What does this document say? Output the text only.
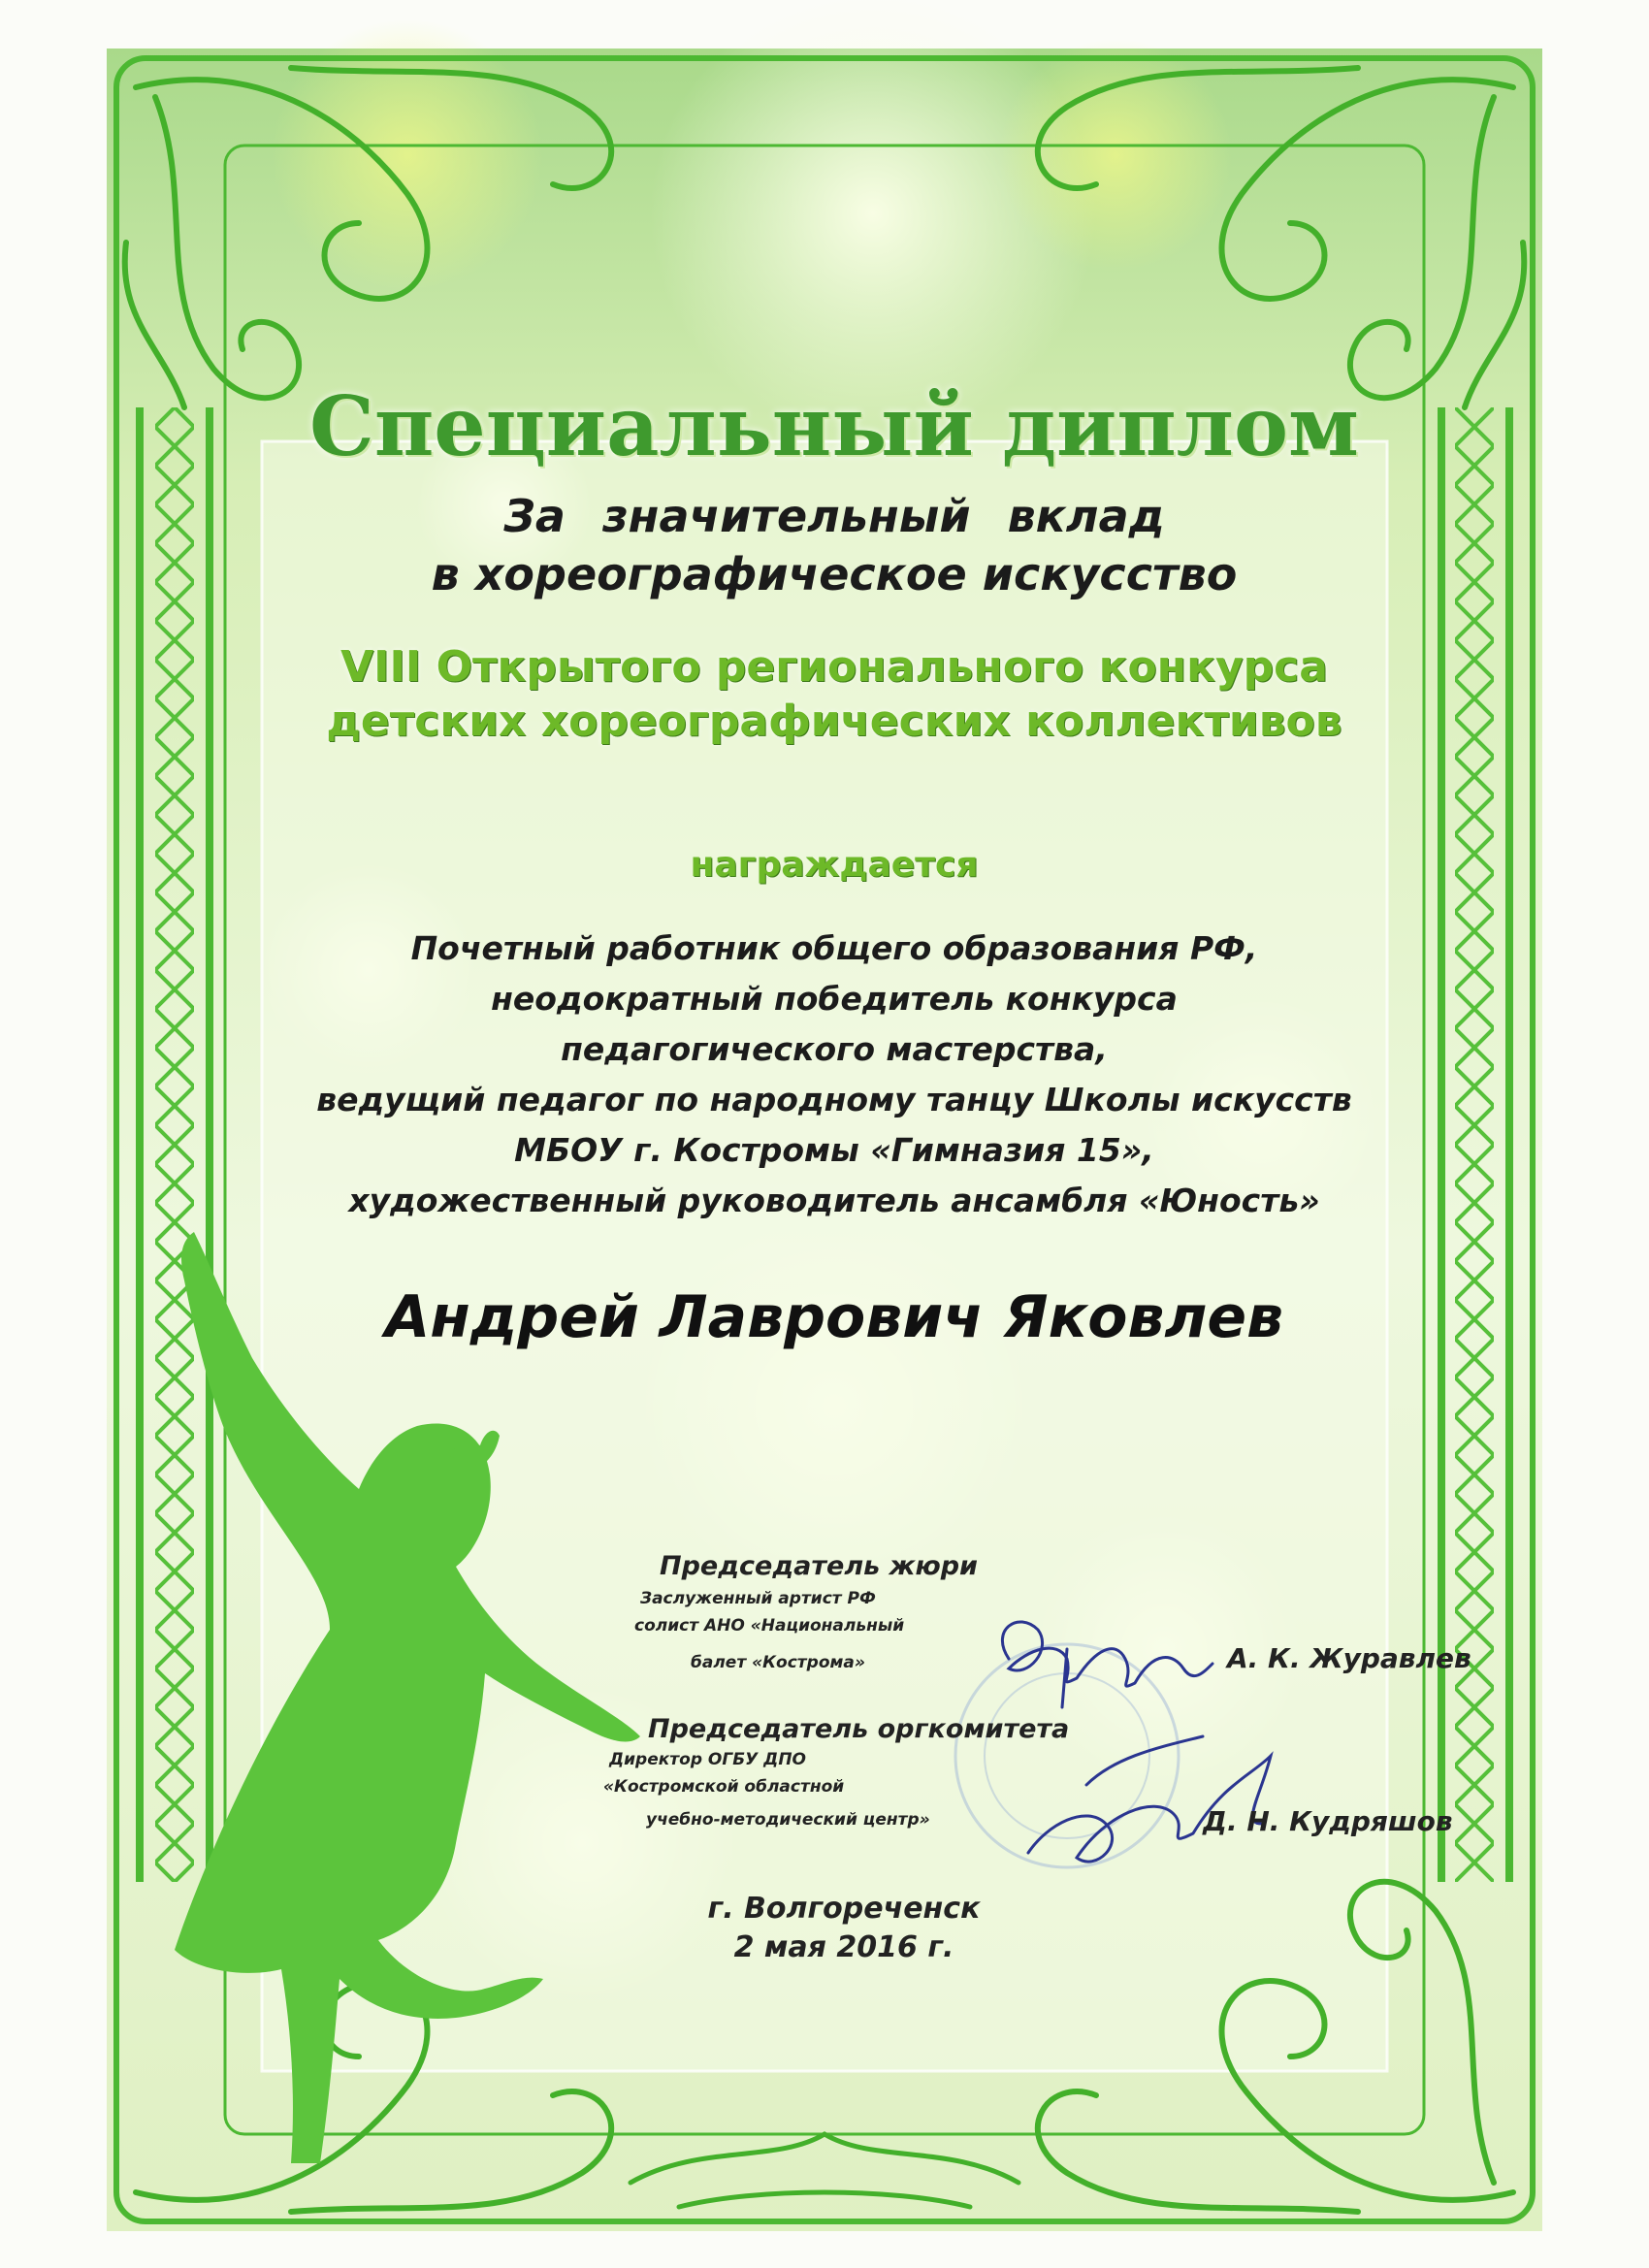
Специальный диплом

За значительный вклад

в хореографическое искусство

VIII Открытого регионального конкурса

детских хореографических коллективов

награждается

Почетный работник общего образования РФ,

неодократный победитель конкурса

педагогического мастерства,

ведущий педагог по народному танцу Школы искусств

МБОУ г. Костромы «Гимназия 15»,

художественный руководитель ансамбля «Юность»

Андрей Лаврович Яковлев

Председатель жюри

Заслуженный артист РФ

солист АНО «Национальный

балет «Кострома»	А. К. Журавлев

Председатель оргкомитета

Директор ОГБУ ДПО

«Костромской областной

учебно-методический центр»	Д. Н. Кудряшов

г. Волгореченск

2 мая 2016 г.
